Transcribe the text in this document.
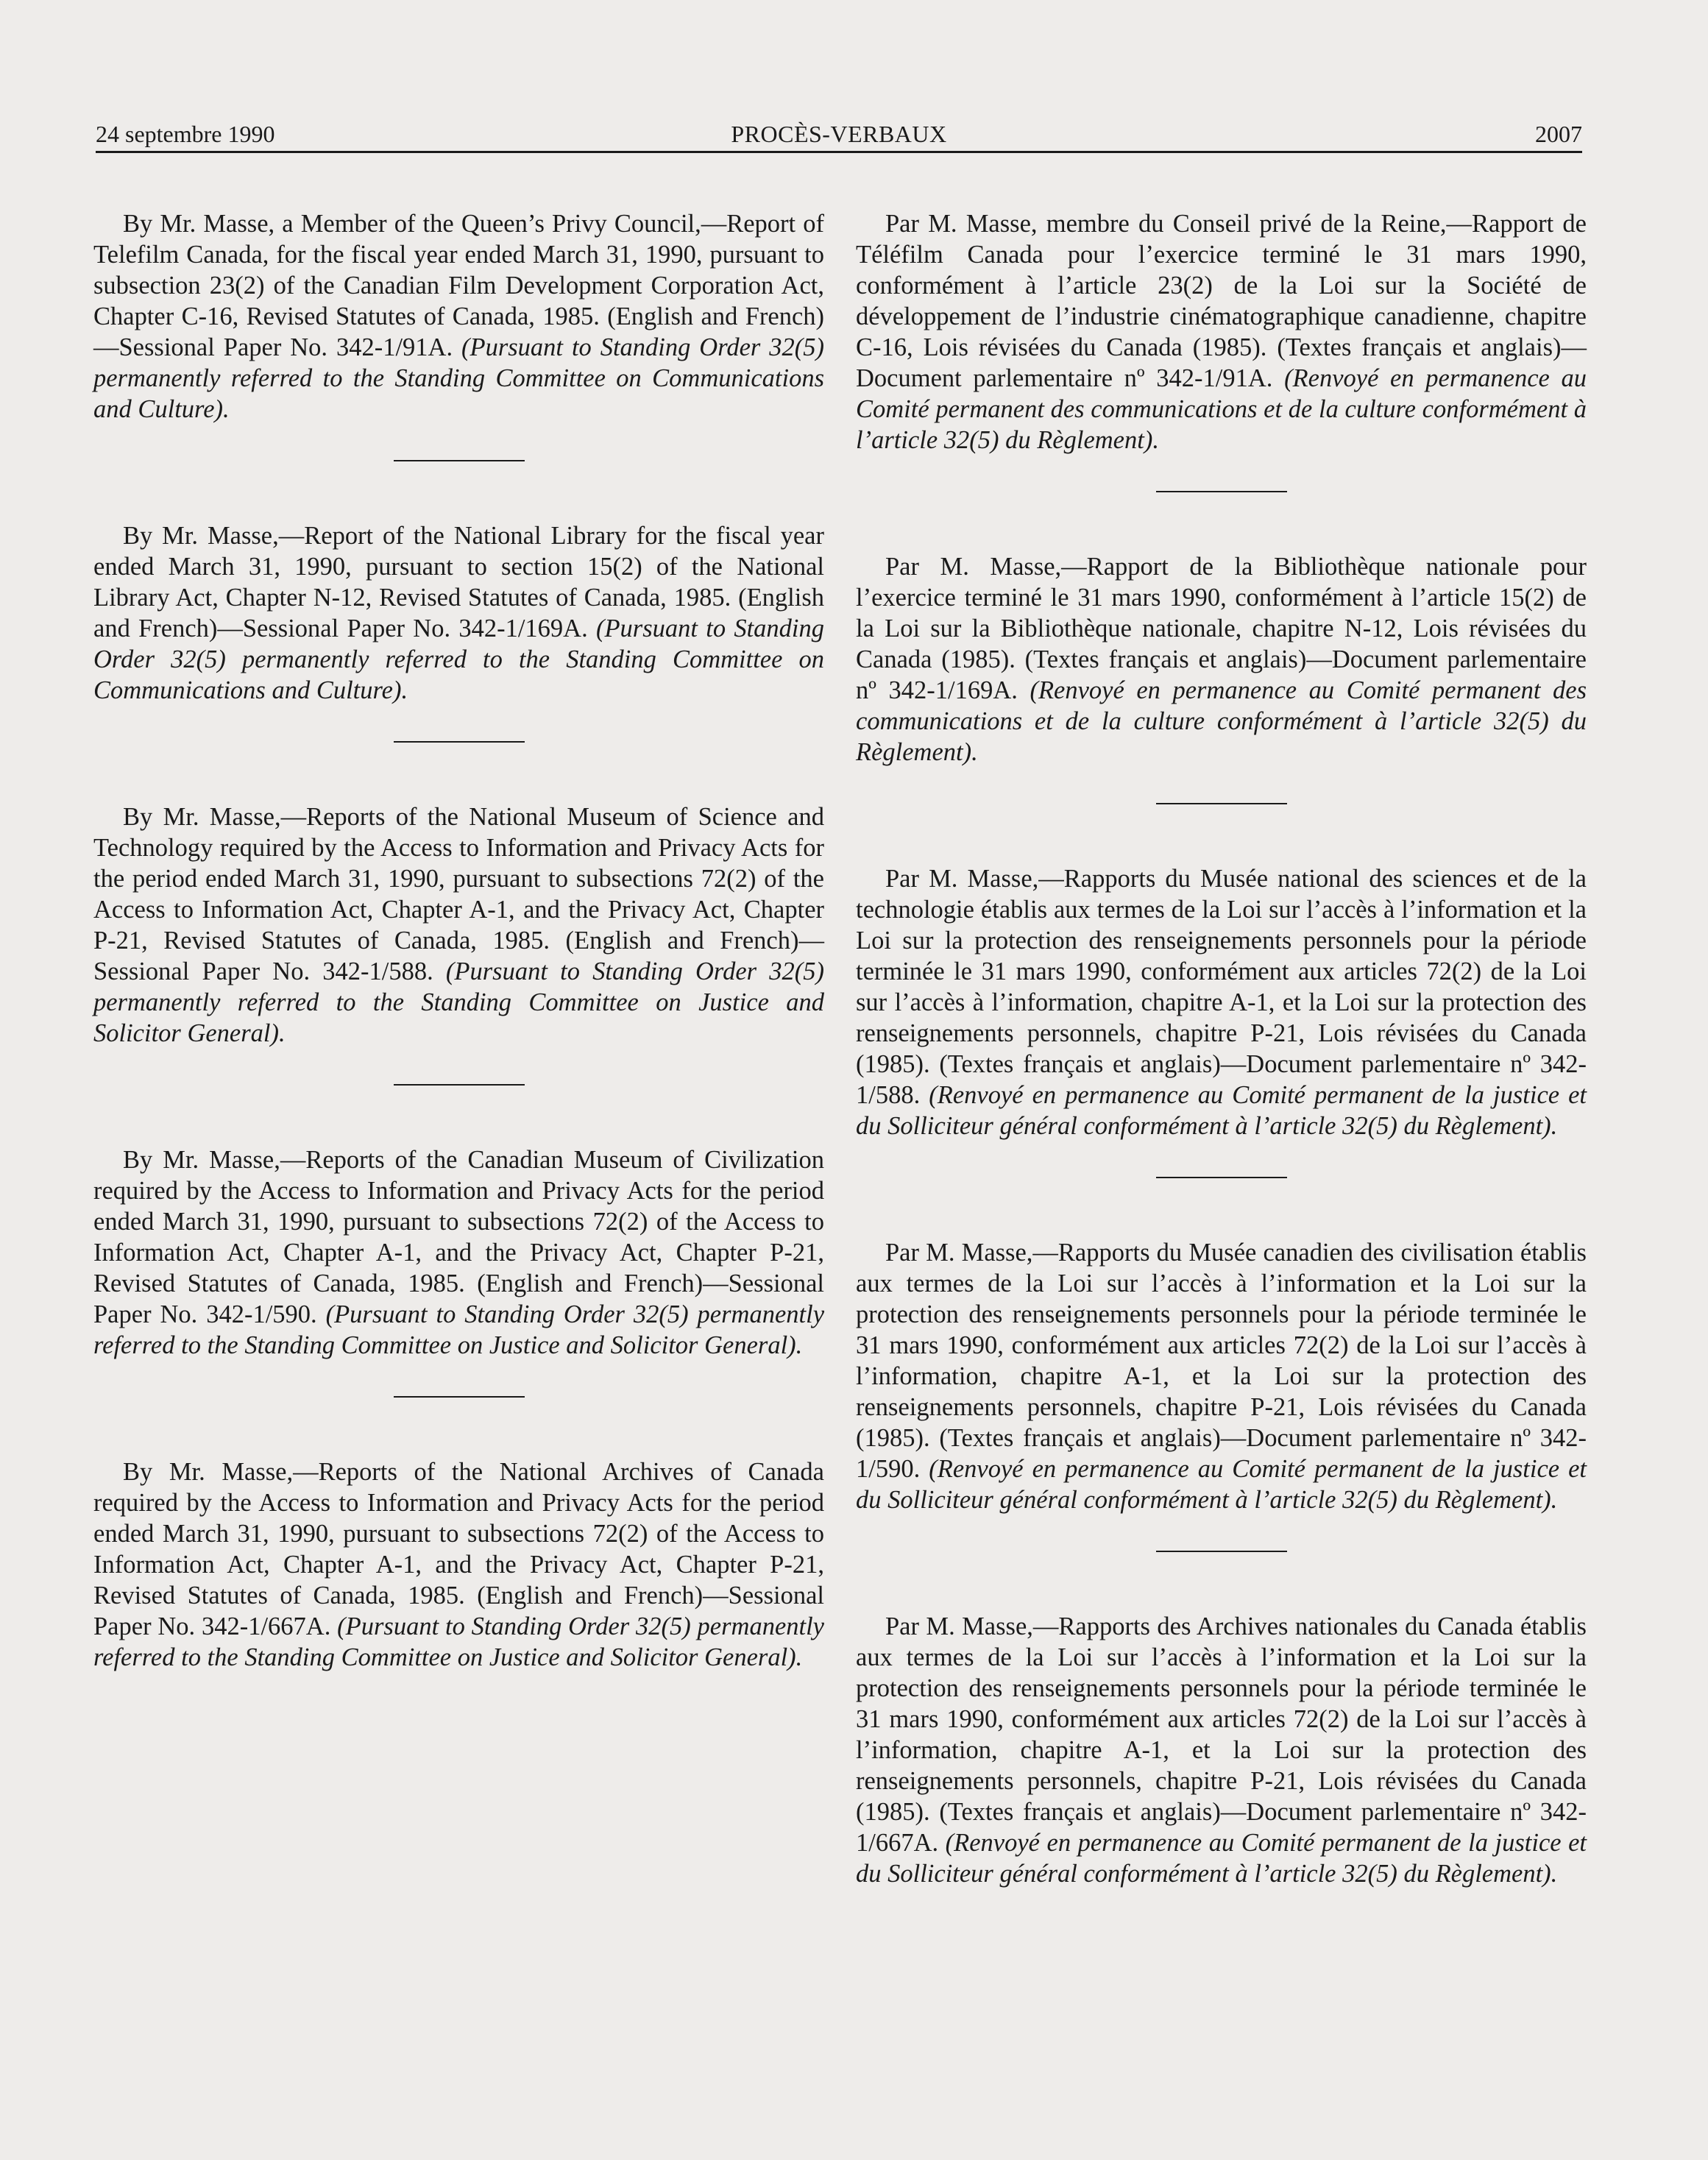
24 septembre 1990	PROCÈS-VERBAUX	2007

By Mr. Masse, a Member of the Queen’s Privy Council,—Report of Telefilm Canada, for the fiscal year ended March 31, 1990, pursuant to subsection 23(2) of the Canadian Film Development Corporation Act, Chapter C-16, Revised Statutes of Canada, 1985. (English and French)—Sessional Paper No. 342-1/91A. (Pursuant to Standing Order 32(5) permanently referred to the Standing Committee on Communications and Culture).

By Mr. Masse,—Report of the National Library for the fiscal year ended March 31, 1990, pursuant to section 15(2) of the National Library Act, Chapter N-12, Revised Statutes of Canada, 1985. (English and French)—Sessional Paper No. 342-1/169A. (Pursuant to Standing Order 32(5) permanently referred to the Standing Committee on Communications and Culture).

By Mr. Masse,—Reports of the National Museum of Science and Technology required by the Access to Information and Privacy Acts for the period ended March 31, 1990, pursuant to subsections 72(2) of the Access to Information Act, Chapter A-1, and the Privacy Act, Chapter P-21, Revised Statutes of Canada, 1985. (English and French)—Sessional Paper No. 342-1/588. (Pursuant to Standing Order 32(5) permanently referred to the Standing Committee on Justice and Solicitor General).

By Mr. Masse,—Reports of the Canadian Museum of Civilization required by the Access to Information and Privacy Acts for the period ended March 31, 1990, pursuant to subsections 72(2) of the Access to Information Act, Chapter A-1, and the Privacy Act, Chapter P-21, Revised Statutes of Canada, 1985. (English and French)—Sessional Paper No. 342-1/590. (Pursuant to Standing Order 32(5) permanently referred to the Standing Committee on Justice and Solicitor General).

By Mr. Masse,—Reports of the National Archives of Canada required by the Access to Information and Privacy Acts for the period ended March 31, 1990, pursuant to subsections 72(2) of the Access to Information Act, Chapter A-1, and the Privacy Act, Chapter P-21, Revised Statutes of Canada, 1985. (English and French)—Sessional Paper No. 342-1/667A. (Pursuant to Standing Order 32(5) permanently referred to the Standing Committee on Justice and Solicitor General).

Par M. Masse, membre du Conseil privé de la Reine,—Rapport de Téléfilm Canada pour l’exercice terminé le 31 mars 1990, conformément à l’article 23(2) de la Loi sur la Société de développement de l’industrie cinématographique canadienne, chapitre C-16, Lois révisées du Canada (1985). (Textes français et anglais)—Document parlementaire nº 342-1/91A. (Renvoyé en permanence au Comité permanent des communications et de la culture conformément à l’article 32(5) du Règlement).

Par M. Masse,—Rapport de la Bibliothèque nationale pour l’exercice terminé le 31 mars 1990, conformément à l’article 15(2) de la Loi sur la Bibliothèque nationale, chapitre N-12, Lois révisées du Canada (1985). (Textes français et anglais)—Document parlementaire nº 342-1/169A. (Renvoyé en permanence au Comité permanent des communications et de la culture conformément à l’article 32(5) du Règlement).

Par M. Masse,—Rapports du Musée national des sciences et de la technologie établis aux termes de la Loi sur l’accès à l’information et la Loi sur la protection des renseignements personnels pour la période terminée le 31 mars 1990, conformément aux articles 72(2) de la Loi sur l’accès à l’information, chapitre A-1, et la Loi sur la protection des renseignements personnels, chapitre P-21, Lois révisées du Canada (1985). (Textes français et anglais)—Document parlementaire nº 342-1/588. (Renvoyé en permanence au Comité permanent de la justice et du Solliciteur général conformément à l’article 32(5) du Règlement).

Par M. Masse,—Rapports du Musée canadien des civilisation établis aux termes de la Loi sur l’accès à l’information et la Loi sur la protection des renseignements personnels pour la période terminée le 31 mars 1990, conformément aux articles 72(2) de la Loi sur l’accès à l’information, chapitre A-1, et la Loi sur la protection des renseignements personnels, chapitre P-21, Lois révisées du Canada (1985). (Textes français et anglais)—Document parlementaire nº 342-1/590. (Renvoyé en permanence au Comité permanent de la justice et du Solliciteur général conformément à l’article 32(5) du Règlement).

Par M. Masse,—Rapports des Archives nationales du Canada établis aux termes de la Loi sur l’accès à l’information et la Loi sur la protection des renseignements personnels pour la période terminée le 31 mars 1990, conformément aux articles 72(2) de la Loi sur l’accès à l’information, chapitre A-1, et la Loi sur la protection des renseignements personnels, chapitre P-21, Lois révisées du Canada (1985). (Textes français et anglais)—Document parlementaire nº 342-1/667A. (Renvoyé en permanence au Comité permanent de la justice et du Solliciteur général conformément à l’article 32(5) du Règlement).
